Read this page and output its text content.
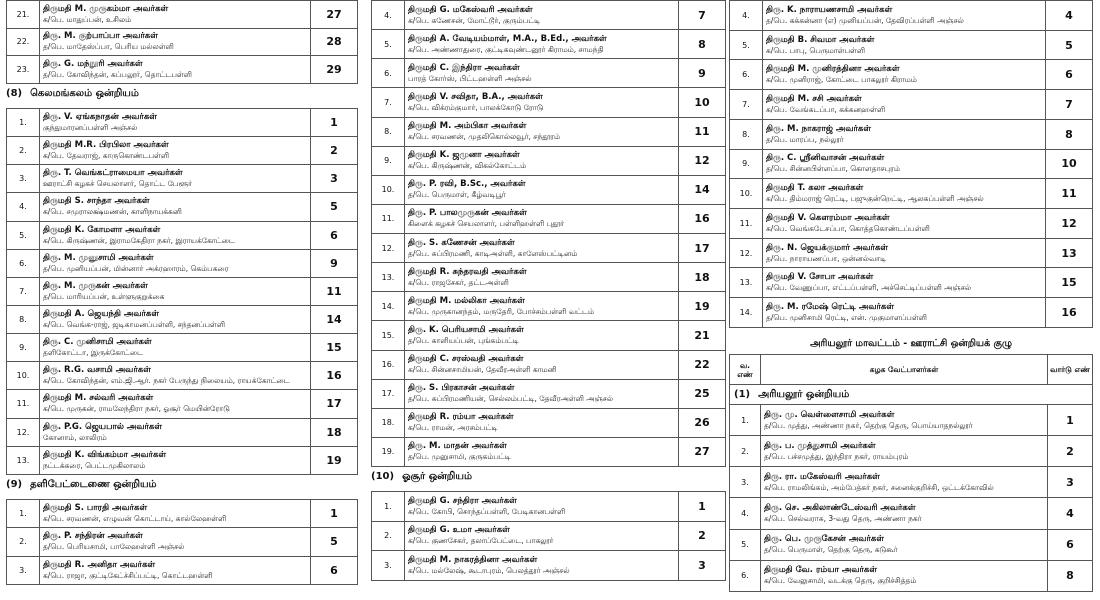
21.	திருமதி M. முருகம்மா அவர்கள்
க/பெ. மாதுப்பன், உசிலம்	27
22.	திரு. M. குற்பாப்பா அவர்கள்
த/பெ. மாதேஸ்ப்பா, பெரிய மல்லள்ளி	28
23.	திரு. G. மந்நூரி அவர்கள்
த/பெ. கோவிந்தன், கப்பலூர், தொட்டபள்ளி	29
(8) கெலமங்கலம் ஒன்றியம்
1.	திரு. V. ஏங்கநாதன் அவர்கள்
குந்துமாரனப்பள்ளி அஞ்சல்	1
2.	திருமதி M.R. பிரபிலா அவர்கள்
க/பெ. தேவராஜ், காருகொண்டபள்ளி	2
3.	திரு. T. வெங்கட்ராமையா அவர்கள்
ஊராட்சி கழகச் செயலாளர், தொட்ட பேளூர்	3
4.	திருமதி S. சாந்தா அவர்கள்
க/பெ. சமுராலக்ஷ்மணன், காளிநாயக்கனி	5
5.	திருமதி K. கோமளா அவர்கள்
க/பெ. கிருஷ்ணன், இராமகேதிரா நகர், இராயக்கோட்டை	6
6.	திரு. M. முனுசாமி அவர்கள்
த/பெ. முனியப்பன், மின்னார் அக்ரஹாரம், கெம்பகரை	9
7.	திரு. M. முருகன் அவர்கள்
த/பெ. மாரியப்பன், உள்ளுகுறுக்கை	11
8.	திருமதி A. ஜெயந்தி அவர்கள்
க/பெ. வெங்க-ராஜ், ஜடிகாமனப்பள்ளி, சந்தனப்பள்ளி	14
9.	திரு. C. முனிசாமி அவர்கள்
தளிகோட்டா, இருக்கோட்டை	15
10.	திரு. R.G. வசாமி அவர்கள்
க/பெ. கோவிந்தன், எம்.ஜி.ஆர். நகர் பேருந்து நிலையம், ராயக்கோட்டை	16
11.	திருமதி M. சல்வரி அவர்கள்
க/பெ. முருகன், ராமலேந்திரா நகர், ஓசூர் மெயின்ரோடு	17
12.	திரு. P.G. ஜெயபால் அவர்கள்
கோனாம், லாலிரம்	18
13.	திருமதி K. விங்கம்மா அவர்கள்
நட்டக்கரை, பெட்டமுகிலாலம்	19
(9) தளிபேட்டைணை ஒன்றியம்
1.	திருமதி S. பாரதி அவர்கள்
க/பெ. சரவணன், எழுவன் கொட்டாய், கால்லேஹள்ளி	1
2.	திரு. P. சந்திரன் அவர்கள்
த/பெ. பெரியசாமி, பாலேஹள்ளி அஞ்சல்	5
3.	திருமதி R. அனிதா அவர்கள்
க/பெ. ராஜா, குட்டிகேட்ச்சிப்பட்டி, கொட்டஹள்ளி	6
4.	திருமதி G. மகேஸ்வரி அவர்கள்
க/பெ. கணேசன், மோட்டூர், குரும்பட்டி	7
5.	திருமதி A. வேடியம்மாள், M.A., B.Ed., அவர்கள்
க/பெ. அண்ணாதுரை, குட்டிகவுண்டனூர் கிராமம், சாமந்தி	8
6.	திருமதி C. இந்திரா அவர்கள்
பாரத் கோர்ஸ், பிட்டஹள்ளி அஞ்சல்	9
7.	திருமதி V. சவிதா, B.A., அவர்கள்
க/பெ. விக்ரம்குமார், பாலக்கோடு ரோடு	10
8.	திருமதி M. அம்பிகா அவர்கள்
க/பெ. சரவணன், முதலிகொல்லவூர், சந்தூரம்	11
9.	திருமதி K. ஜமுனா அவர்கள்
க/பெ. கிருஷ்ணன், விகல்கோட்டம்	12
10.	திரு. P. ரவி, B.Sc., அவர்கள்
த/பெ. பெருமாள், கீழ்வடிபூர்	14
11.	திரு. P. பாலமுருகன் அவர்கள்
கிளைக் கழகச் செயலாளர், பள்ளிஹள்ளி புதூர்	16
12.	திரு. S. கணேசன் அவர்கள்
த/பெ. சுப்பிரமணி, காடிஅள்ளி, காளேஸ்பட்டினம்	17
13.	திருமதி R. சுந்தரவதி அவர்கள்
க/பெ. ராஜசேகர், தட்டஅள்ளி	18
14.	திருமதி M. மல்லிகா அவர்கள்
க/பெ. முருகானந்தம், மருதேரி, போச்சம்பள்ளி வட்டம்	19
15.	திரு. K. பெரியசாமி அவர்கள்
த/பெ. காளியப்பன், புங்கம்பட்டி	21
16.	திருமதி C. சரஸ்வதி அவர்கள்
க/பெ. சின்னசாமியன், தேவீரஅள்ளி காமனி	22
17.	திரு. S. பிரகாசன் அவர்கள்
த/பெ. சுப்பிரமணியன், செல்லம்பட்டி, தேவீரஅள்ளி அஞ்சல்	25
18.	திருமதி R. ரம்யா அவர்கள்
க/பெ. ராமன், அரசம்பட்டி	26
19.	திரு. M. மாதன் அவர்கள்
த/பெ. முனுசாமி, குருகம்பட்டி	27
(10) ஓசூர் ஒன்றியம்
1.	திருமதி G. சந்திரா அவர்கள்
க/பெ. கோபி, சொந்தப்பள்ளி, பேடிகானபள்ளி	1
2.	திருமதி G. உமா அவர்கள்
க/பெ. குணசேகர், தலாப்பேட்டை, பாகலூர்	2
3.	திருமதி M. நாகரத்தினா அவர்கள்
க/பெ. மல்லேஷ், கூடாபுரம், பெலத்தூர் அஞ்சல்	3
4.	திரு. K. நாராயணசாமி அவர்கள்
த/பெ. கக்கன்னா (எ) முனியப்பன், தேவிரப்பள்ளி அஞ்சல்	4
5.	திருமதி B. சிவமா அவர்கள்
க/பெ. பாபு, பெருமாள்பள்ளி	5
6.	திருமதி M. முனிரத்தினா அவர்கள்
க/பெ. முனிராஜ், கோட்டை பாகலூர் கிராமம்	6
7.	திருமதி M. சசி அவர்கள்
க/பெ. வேங்கடப்பா, கக்கனஹள்ளி	7
8.	திரு. M. நாகராஜ் அவர்கள்
த/பெ. மாரப்ப, நல்லூர்	8
9.	திரு. C. ஸ்ரீனிவாசன் அவர்கள்
த/பெ. சின்னபிள்ளப்பா, கொளதாசபுரம்	10
10.	திருமதி T. கலா அவர்கள்
க/பெ. திம்மராஜ் ரெட்டி, பஜுகுன்றெட்டி, ஆலகப்பள்ளி அஞ்சல்	11
11.	திருமதி V. கௌரம்மா அவர்கள்
க/பெ. வெங்கடேசப்பா, கொத்தகொண்டப்பள்ளி	12
12.	திரு. N. ஜெயக்குமார் அவர்கள்
த/பெ. நாராயணப்பா, ஒன்னல்வாடி	13
13.	திருமதி V. சோபா அவர்கள்
க/பெ. வேணுப்பா, எட்டப்பள்ளி, அச்செட்டிப்பள்ளி அஞ்சல்	15
14.	திரு. M. ரமேஷ் ரெட்டி அவர்கள்
த/பெ. முனிசாமி ரெட்டி, என். முகுமாளப்பள்ளி	16
அரியலூர் மாவட்டம் - ஊராட்சி ஒன்றியக் குழு
வ. எண்	கழக வேட்பாளர்கள்	வார்டு எண்
(1) அரியலூர் ஒன்றியம்		
1.	திரு. மு. வெள்ளைசாமி அவர்கள்
த/பெ. முத்து, அண்ணா நகர், தெற்கு தெரு, பொய்யாதநல்லூர்	1
2.	திரு. ப. முத்துசாமி அவர்கள்
த/பெ. பச்சமுத்து, இந்திரா நகர், ராயம்புரம்	2
3.	திரு. ரா. மகேஸ்வரி அவர்கள்
க/பெ. ராமலிங்கம், அம்பேத்கர் நகர், சனைக்குறிச்சி, ஒட்டக்கோவில்	3
4.	திரு. செ. அகிலாண்டேஸ்வரி அவர்கள்
க/பெ. செல்வராசு, 3-வது தெரு, அண்ணா நகர்	4
5.	திரு. பெ. முருகேசன் அவர்கள்
த/பெ. பெருமாள், தெற்கு தெரு, கடுகூர்	6
6.	திருமதி வே. ரம்யா அவர்கள்
க/பெ. வேலுசாமி, வடக்கு தெரு, குறிச்சித்தம்	8
